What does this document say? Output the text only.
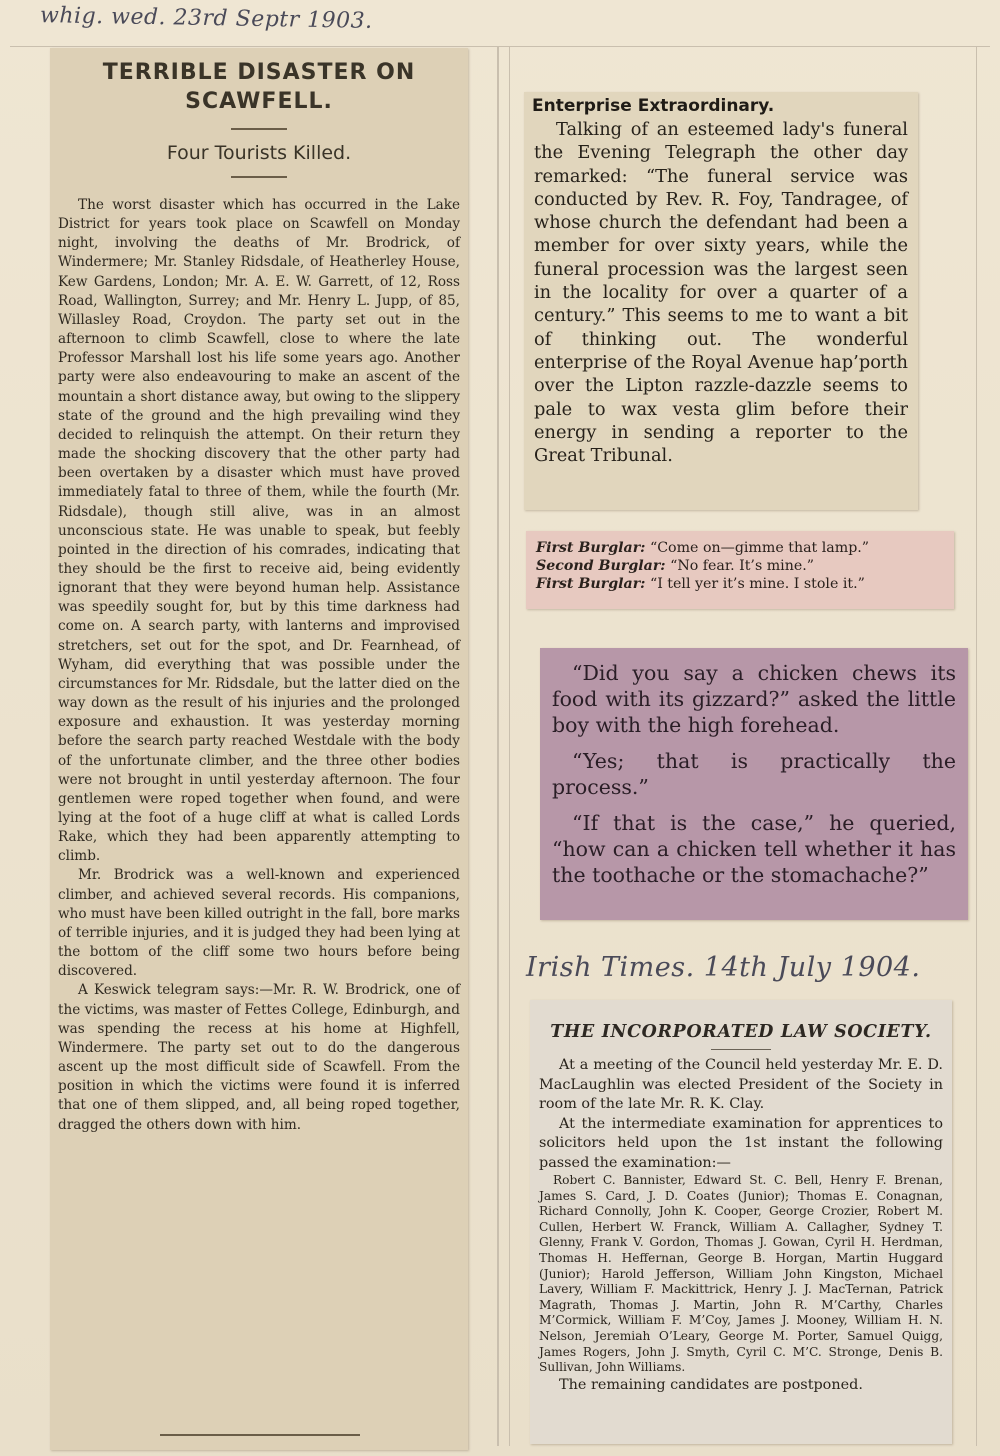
whig. wed. 23rd Septr 1903.
Irish Times. 14th July 1904.
TERRIBLE DISASTER ON SCAWFELL.
Four Tourists Killed.

The worst disaster which has occurred in the Lake District for years took place on Scawfell on Monday night, involving the deaths of Mr. Brodrick, of Windermere; Mr. Stanley Ridsdale, of Heatherley House, Kew Gardens, London; Mr. A. E. W. Garrett, of 12, Ross Road, Wallington, Surrey; and Mr. Henry L. Jupp, of 85, Willasley Road, Croydon. The party set out in the afternoon to climb Scawfell, close to where the late Professor Marshall lost his life some years ago. Another party were also endeavouring to make an ascent of the mountain a short distance away, but owing to the slippery state of the ground and the high prevailing wind they decided to relinquish the attempt. On their return they made the shocking discovery that the other party had been overtaken by a disaster which must have proved immediately fatal to three of them, while the fourth (Mr. Ridsdale), though still alive, was in an almost unconscious state. He was unable to speak, but feebly pointed in the direction of his comrades, indicating that they should be the first to receive aid, being evidently ignorant that they were beyond human help. Assistance was speedily sought for, but by this time darkness had come on. A search party, with lanterns and improvised stretchers, set out for the spot, and Dr. Fearnhead, of Wyham, did everything that was possible under the circumstances for Mr. Ridsdale, but the latter died on the way down as the result of his injuries and the prolonged exposure and exhaustion. It was yesterday morning before the search party reached Westdale with the body of the unfortunate climber, and the three other bodies were not brought in until yesterday afternoon. The four gentlemen were roped together when found, and were lying at the foot of a huge cliff at what is called Lords Rake, which they had been apparently attempting to climb.

Mr. Brodrick was a well-known and experienced climber, and achieved several records. His companions, who must have been killed outright in the fall, bore marks of terrible injuries, and it is judged they had been lying at the bottom of the cliff some two hours before being discovered.

A Keswick telegram says:—Mr. R. W. Brodrick, one of the victims, was master of Fettes College, Edinburgh, and was spending the recess at his home at Highfell, Windermere. The party set out to do the dangerous ascent up the most difficult side of Scawfell. From the position in which the victims were found it is inferred that one of them slipped, and, all being roped together, dragged the others down with him.

Enterprise Extraordinary.

Talking of an esteemed lady's funeral the Evening Telegraph the other day remarked: “The funeral service was conducted by Rev. R. Foy, Tandragee, of whose church the defendant had been a member for over sixty years, while the funeral procession was the largest seen in the locality for over a quarter of a century.” This seems to me to want a bit of thinking out. The wonderful enterprise of the Royal Avenue hap’porth over the Lipton razzle-dazzle seems to pale to wax vesta glim before their energy in sending a reporter to the Great Tribunal.

First Burglar: “Come on—gimme that lamp.”
Second Burglar: “No fear. It’s mine.”
First Burglar: “I tell yer it’s mine. I stole it.”

“Did you say a chicken chews its food with its gizzard?” asked the little boy with the high forehead.

“Yes; that is practically the process.”

“If that is the case,” he queried, “how can a chicken tell whether it has the toothache or the stomachache?”

THE INCORPORATED LAW SOCIETY.

At a meeting of the Council held yesterday Mr. E. D. MacLaughlin was elected President of the Society in room of the late Mr. R. K. Clay.

At the intermediate examination for apprentices to solicitors held upon the 1st instant the following passed the examination:—

Robert C. Bannister, Edward St. C. Bell, Henry F. Brenan, James S. Card, J. D. Coates (Junior); Thomas E. Conagnan, Richard Connolly, John K. Cooper, George Crozier, Robert M. Cullen, Herbert W. Franck, William A. Callagher, Sydney T. Glenny, Frank V. Gordon, Thomas J. Gowan, Cyril H. Herdman, Thomas H. Heffernan, George B. Horgan, Martin Huggard (Junior); Harold Jefferson, William John Kingston, Michael Lavery, William F. Mackittrick, Henry J. J. MacTernan, Patrick Magrath, Thomas J. Martin, John R. M’Carthy, Charles M’Cormick, William F. M’Coy, James J. Mooney, William H. N. Nelson, Jeremiah O’Leary, George M. Porter, Samuel Quigg, James Rogers, John J. Smyth, Cyril C. M’C. Stronge, Denis B. Sullivan, John Williams.

The remaining candidates are postponed.
